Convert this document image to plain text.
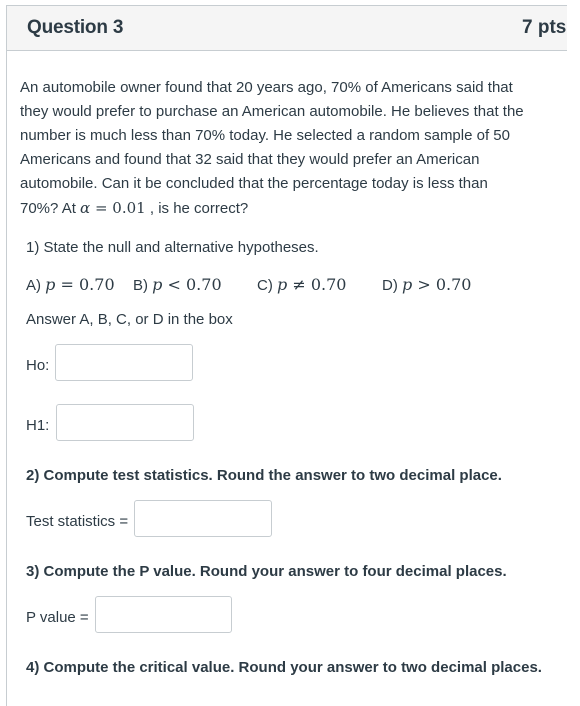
Question 3	7 pts
An automobile owner found that 20 years ago, 70% of Americans said that
they would prefer to purchase an American automobile. He believes that the
number is much less than 70% today. He selected a random sample of 50
Americans and found that 32 said that they would prefer an American
automobile. Can it be concluded that the percentage today is less than
70%? At α = 0.01 , is he correct?
1) State the null and alternative hypotheses.
A) p = 0.70 B) p < 0.70 C) p ≠ 0.70 D) p > 0.70
Answer A, B, C, or D in the box
Ho:
H1:
2) Compute test statistics. Round the answer to two decimal place.
Test statistics =
3) Compute the P value. Round your answer to four decimal places.
P value =
4) Compute the critical value. Round your answer to two decimal places.
